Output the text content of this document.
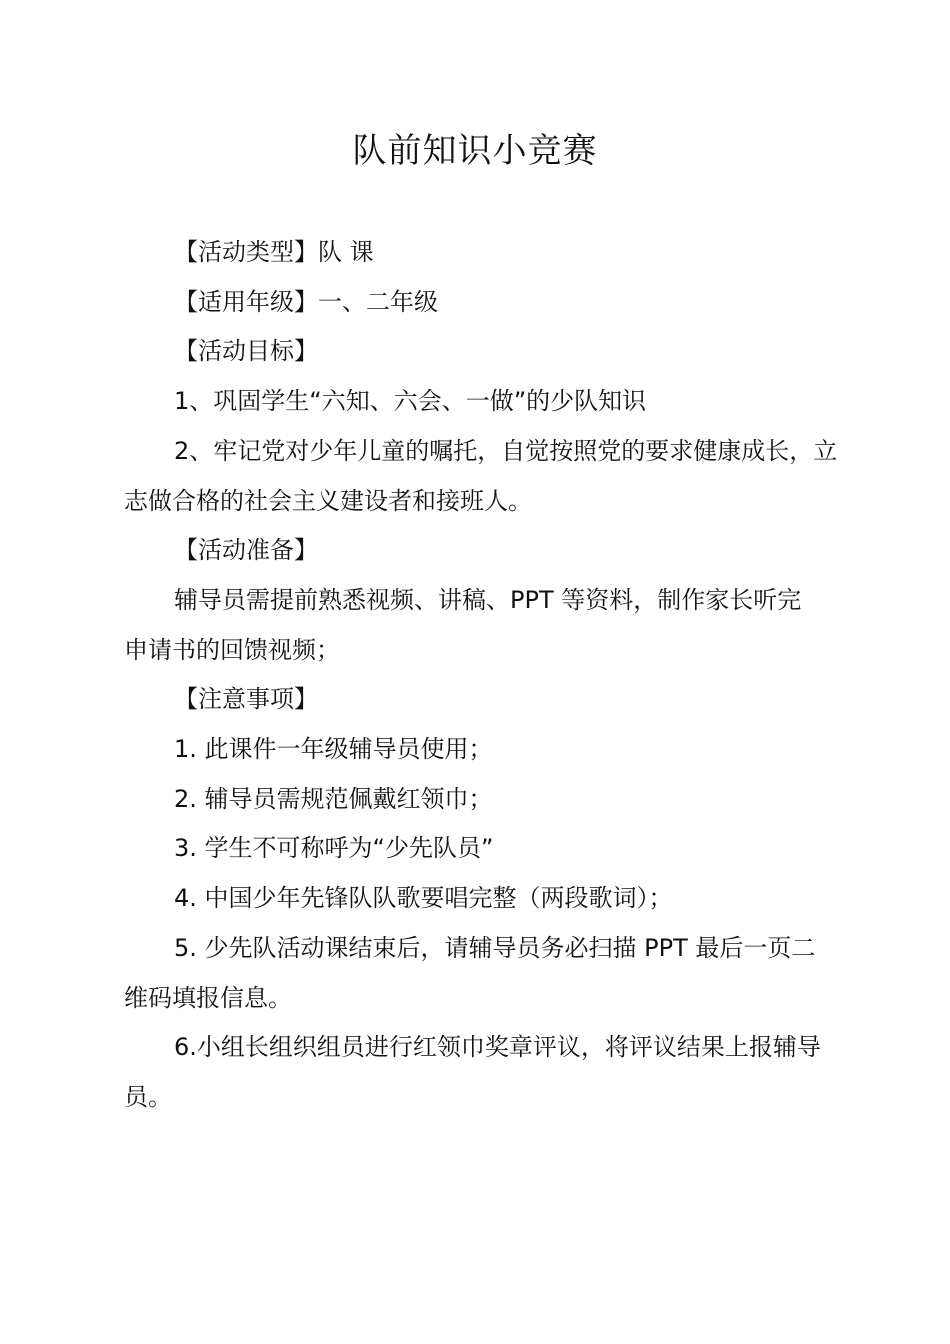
队前知识小竞赛

【活动类型】队 课

【适用年级】一、二年级

【活动目标】

1、巩固学生“六知、六会、一做”的少队知识

2、牢记党对少年儿童的嘱托，自觉按照党的要求健康成长，立志做合格的社会主义建设者和接班人。

【活动准备】

辅导员需提前熟悉视频、讲稿、PPT 等资料，制作家长听完申请书的回馈视频；

【注意事项】

1. 此课件一年级辅导员使用；

2. 辅导员需规范佩戴红领巾；

3. 学生不可称呼为“少先队员”

4. 中国少年先锋队队歌要唱完整（两段歌词）；

5. 少先队活动课结束后，请辅导员务必扫描 PPT 最后一页二维码填报信息。

6.小组长组织组员进行红领巾奖章评议，将评议结果上报辅导员。
